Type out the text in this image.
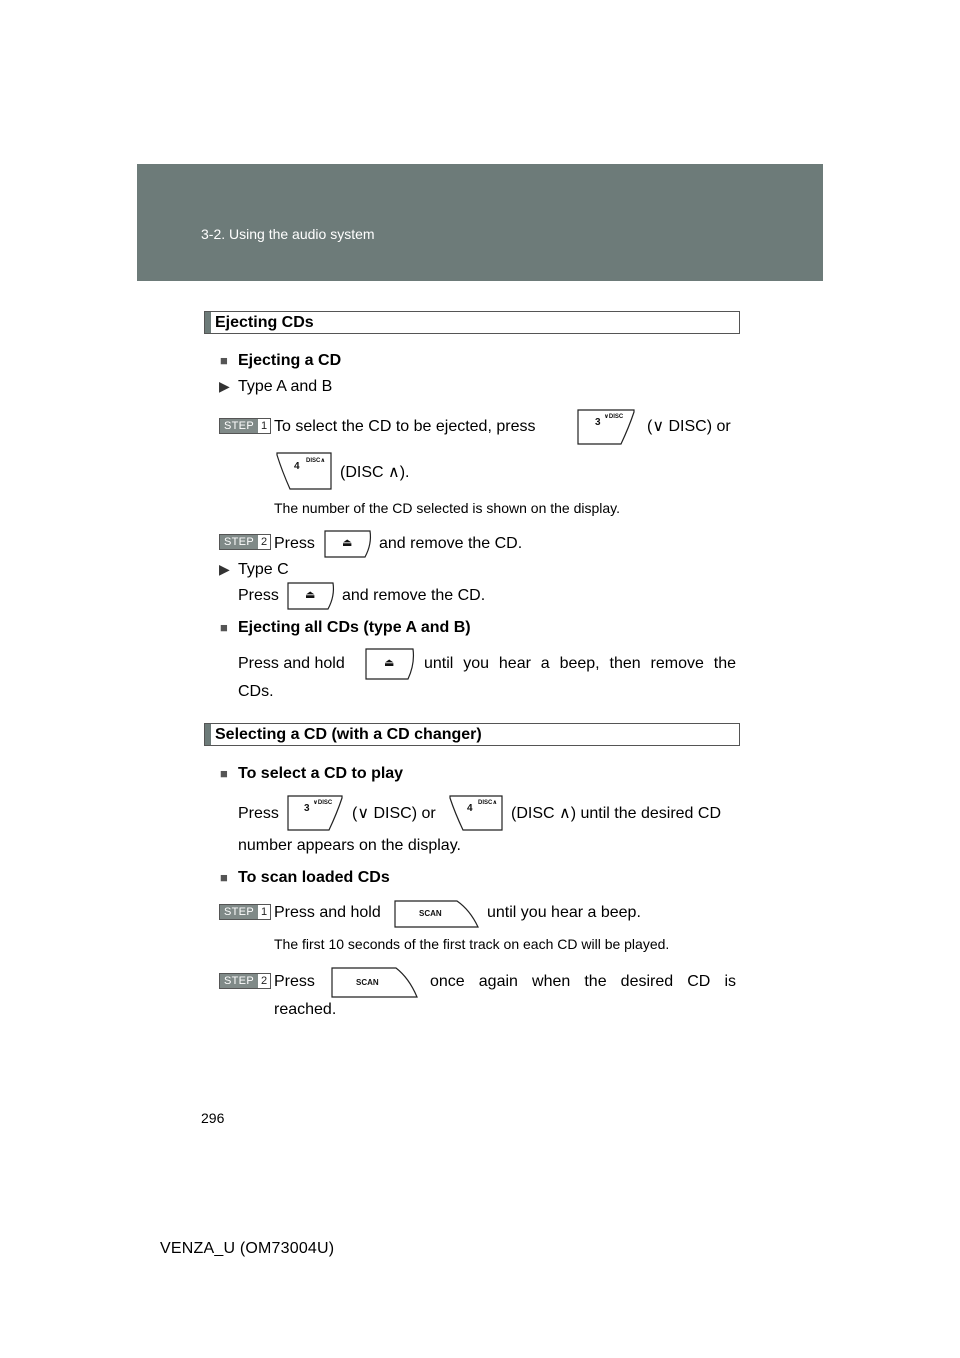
3-2. Using the audio system
Ejecting CDs
■ Ejecting a CD
▶ Type A and B
STEP 1 To select the CD to be ejected, press	3 ∨DISC
(∨ DISC) or
4 DISC∧
(DISC ∧).
The number of the CD selected is shown on the display.
STEP 2 Press ⏏ and remove the CD.
▶ Type C
Press ⏏ and remove the CD.
■ Ejecting all CDs (type A and B)
Press and hold	⏏ until you hear a beep, then remove the
CDs.
Selecting a CD (with a CD changer)
■ To select a CD to play
Press	3 ∨DISC
(∨ DISC) or	4 DISC∧
(DISC ∧) until the desired CD
number appears on the display.
■ To scan loaded CDs
STEP 1 Press and hold	SCAN	until you hear a beep.
The first 10 seconds of the first track on each CD will be played.
STEP 2 Press	SCAN	once again when the desired CD is
reached.
296
VENZA_U (OM73004U)
